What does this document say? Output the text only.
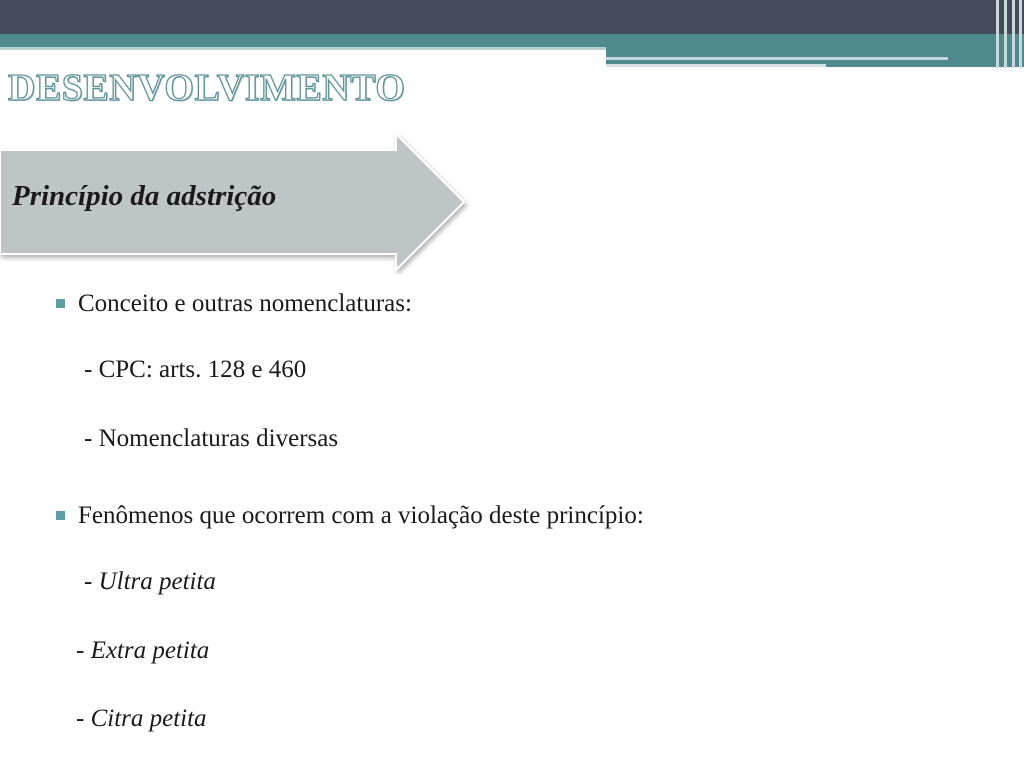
DESENVOLVIMENTO
Princípio da adstrição
Conceito e outras nomenclaturas:
- CPC: arts. 128 e 460
- Nomenclaturas diversas
Fenômenos que ocorrem com a violação deste princípio:
- Ultra petita
- Extra petita
- Citra petita
